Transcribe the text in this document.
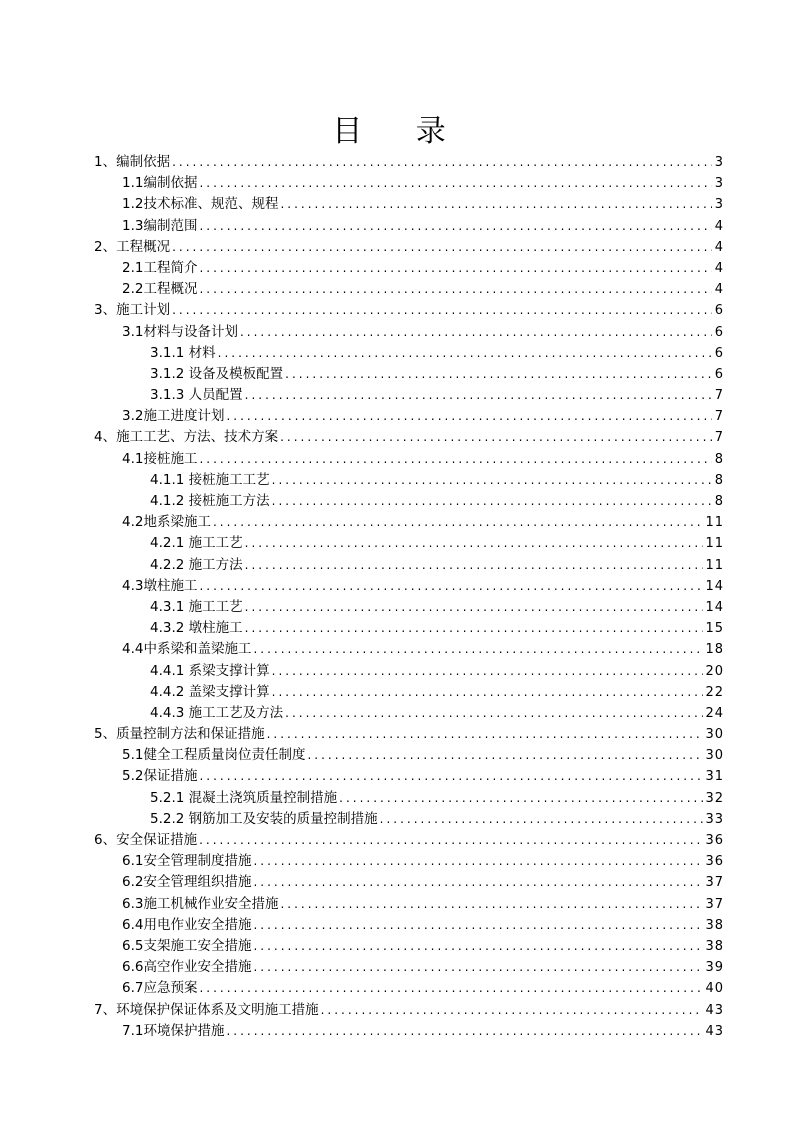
目 录
1、编制依据 .....	3
1.1编制依据 .....	3
1.2技术标准、规范、规程 .....	3
1.3编制范围 .....	4
2、工程概况 .....	4
2.1工程简介 .....	4
2.2工程概况 .....	4
3、施工计划 .....	6
3.1材料与设备计划 .....	6
3.1.1 材料 .....	6
3.1.2 设备及模板配置 .....	6
3.1.3 人员配置 .....	7
3.2施工进度计划 .....	7
4、施工工艺、方法、技术方案 .....	7
4.1接桩施工 .....	8
4.1.1 接桩施工工艺 .....	8
4.1.2 接桩施工方法 .....	8
4.2地系梁施工 .....	11
4.2.1 施工工艺 .....	11
4.2.2 施工方法 .....	11
4.3墩柱施工 .....	14
4.3.1 施工工艺 .....	14
4.3.2 墩柱施工 .....	15
4.4中系梁和盖梁施工 .....	18
4.4.1 系梁支撑计算 .....	20
4.4.2 盖梁支撑计算 .....	22
4.4.3 施工工艺及方法 .....	24
5、质量控制方法和保证措施 .....	30
5.1健全工程质量岗位责任制度 .....	30
5.2保证措施 .....	31
5.2.1 混凝土浇筑质量控制措施 .....	32
5.2.2 钢筋加工及安装的质量控制措施 .....	33
6、安全保证措施 .....	36
6.1安全管理制度措施 .....	36
6.2安全管理组织措施 .....	37
6.3施工机械作业安全措施 .....	37
6.4用电作业安全措施 .....	38
6.5支架施工安全措施 .....	38
6.6高空作业安全措施 .....	39
6.7应急预案 .....	40
7、环境保护保证体系及文明施工措施 .....	43
7.1环境保护措施 .....	43
